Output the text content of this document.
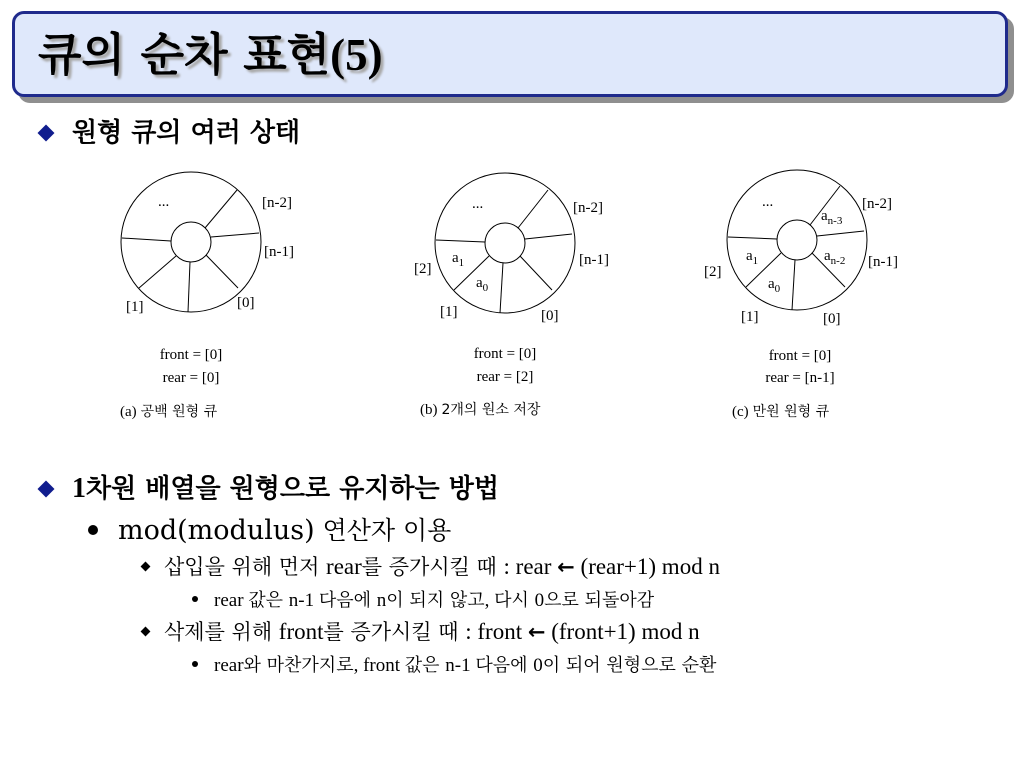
큐의 순차 표현(5)
원형 큐의 여러 상태
...	[n-2]
[n-1]
[0]
[1]
front = [0]
rear = [0]
(a) 공백 원형 큐
...	[n-2]
[n-1]
[0]
[1]
[2]
$a_1$
$a_0$
front = [0]
rear = [2]
(b) 2개의 원소 저장
...	[n-2]
[n-1]
[0]
[1]
[2]
$a_{n-3}$
$a_{n-2}$
$a_1$
$a_0$
front = [0]
rear = [n-1]
(c) 만원 원형 큐
1차원 배열을 원형으로 유지하는 방법
mod(modulus) 연산자 이용
삽입을 위해 먼저 rear를 증가시킬 때 : rear ← (rear+1) mod n
rear 값은 n-1 다음에 n이 되지 않고, 다시 0으로 되돌아감
삭제를 위해 front를 증가시킬 때 : front ← (front+1) mod n
rear와 마찬가지로, front 값은 n-1 다음에 0이 되어 원형으로 순환
